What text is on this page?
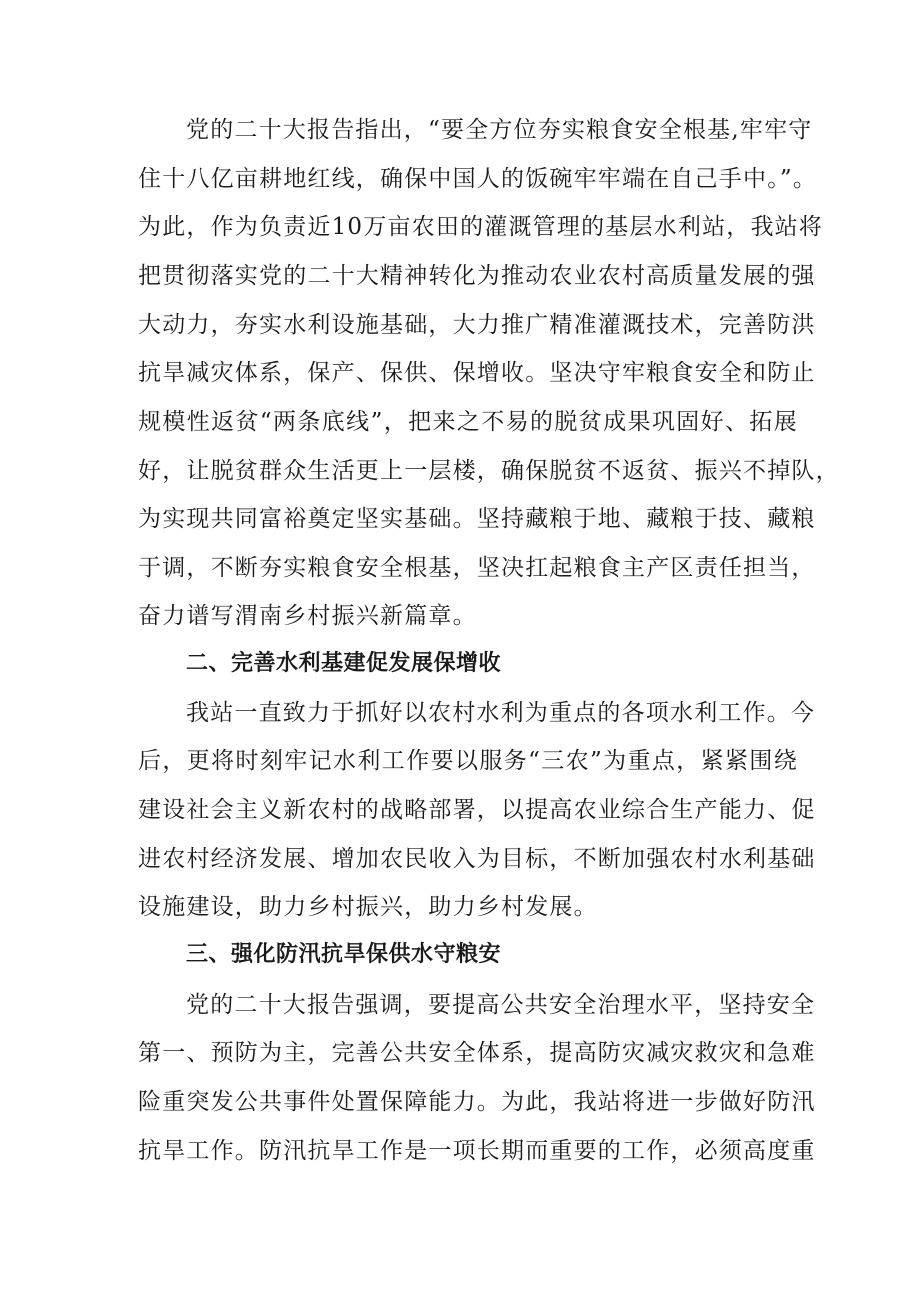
党的二十大报告指出，“要全方位夯实粮食安全根基,牢牢守
住十八亿亩耕地红线，确保中国人的饭碗牢牢端在自己手中。”。
为此，作为负责近10万亩农田的灌溉管理的基层水利站，我站将
把贯彻落实党的二十大精神转化为推动农业农村高质量发展的强
大动力，夯实水利设施基础，大力推广精准灌溉技术，完善防洪
抗旱减灾体系，保产、保供、保增收。坚决守牢粮食安全和防止
规模性返贫“两条底线”，把来之不易的脱贫成果巩固好、拓展
好，让脱贫群众生活更上一层楼，确保脱贫不返贫、振兴不掉队，
为实现共同富裕奠定坚实基础。坚持藏粮于地、藏粮于技、藏粮
于调，不断夯实粮食安全根基，坚决扛起粮食主产区责任担当，
奋力谱写渭南乡村振兴新篇章。
二、完善水利基建促发展保增收
我站一直致力于抓好以农村水利为重点的各项水利工作。今
后，更将时刻牢记水利工作要以服务“三农”为重点，紧紧围绕
建设社会主义新农村的战略部署，以提高农业综合生产能力、促
进农村经济发展、增加农民收入为目标，不断加强农村水利基础
设施建设，助力乡村振兴，助力乡村发展。
三、强化防汛抗旱保供水守粮安
党的二十大报告强调，要提高公共安全治理水平，坚持安全
第一、预防为主，完善公共安全体系，提高防灾减灾救灾和急难
险重突发公共事件处置保障能力。为此，我站将进一步做好防汛
抗旱工作。防汛抗旱工作是一项长期而重要的工作，必须高度重
